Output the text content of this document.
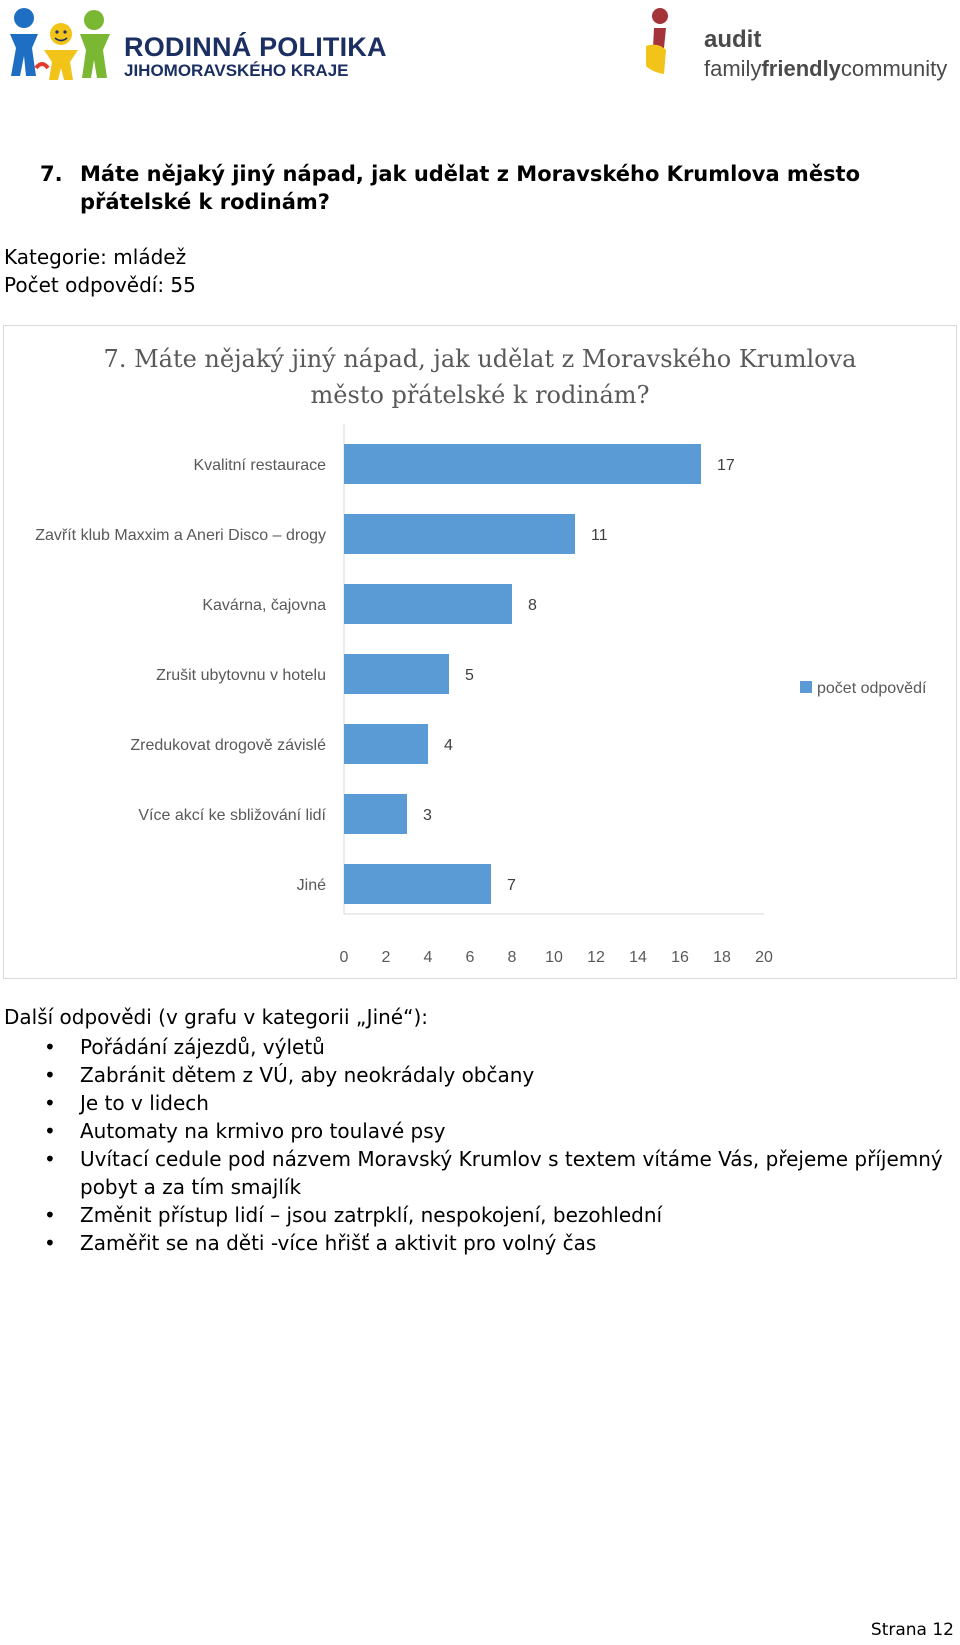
RODINNÁ POLITIKA
JIHOMORAVSKÉHO KRAJE
audit
familyfriendlycommunity
7. Máte nějaký jiný nápad, jak udělat z Moravského Krumlova město přátelské k rodinám?
Kategorie: mládež
Počet odpovědí: 55
7. Máte nějaký jiný nápad, jak udělat z Moravského Krumlova
město přátelské k rodinám?
Kvalitní restaurace	17
Zavřít klub Maxxim a Aneri Disco – drogy	11
Kavárna, čajovna	8
Zrušit ubytovnu v hotelu	5
Zredukovat drogově závislé	4
Více akcí ke sbližování lidí	3
Jiné	7
0 2 4 6 8 10 12 14 16 18 20
počet odpovědí
Další odpovědi (v grafu v kategorii „Jiné“):
• Pořádání zájezdů, výletů
• Zabránit dětem z VÚ, aby neokrádaly občany
• Je to v lidech
• Automaty na krmivo pro toulavé psy
• Uvítací cedule pod názvem Moravský Krumlov s textem vítáme Vás, přejeme příjemný pobyt a za tím smajlík
• Změnit přístup lidí – jsou zatrpklí, nespokojení, bezohlední
• Zaměřit se na děti -více hřišť a aktivit pro volný čas
Strana 12
